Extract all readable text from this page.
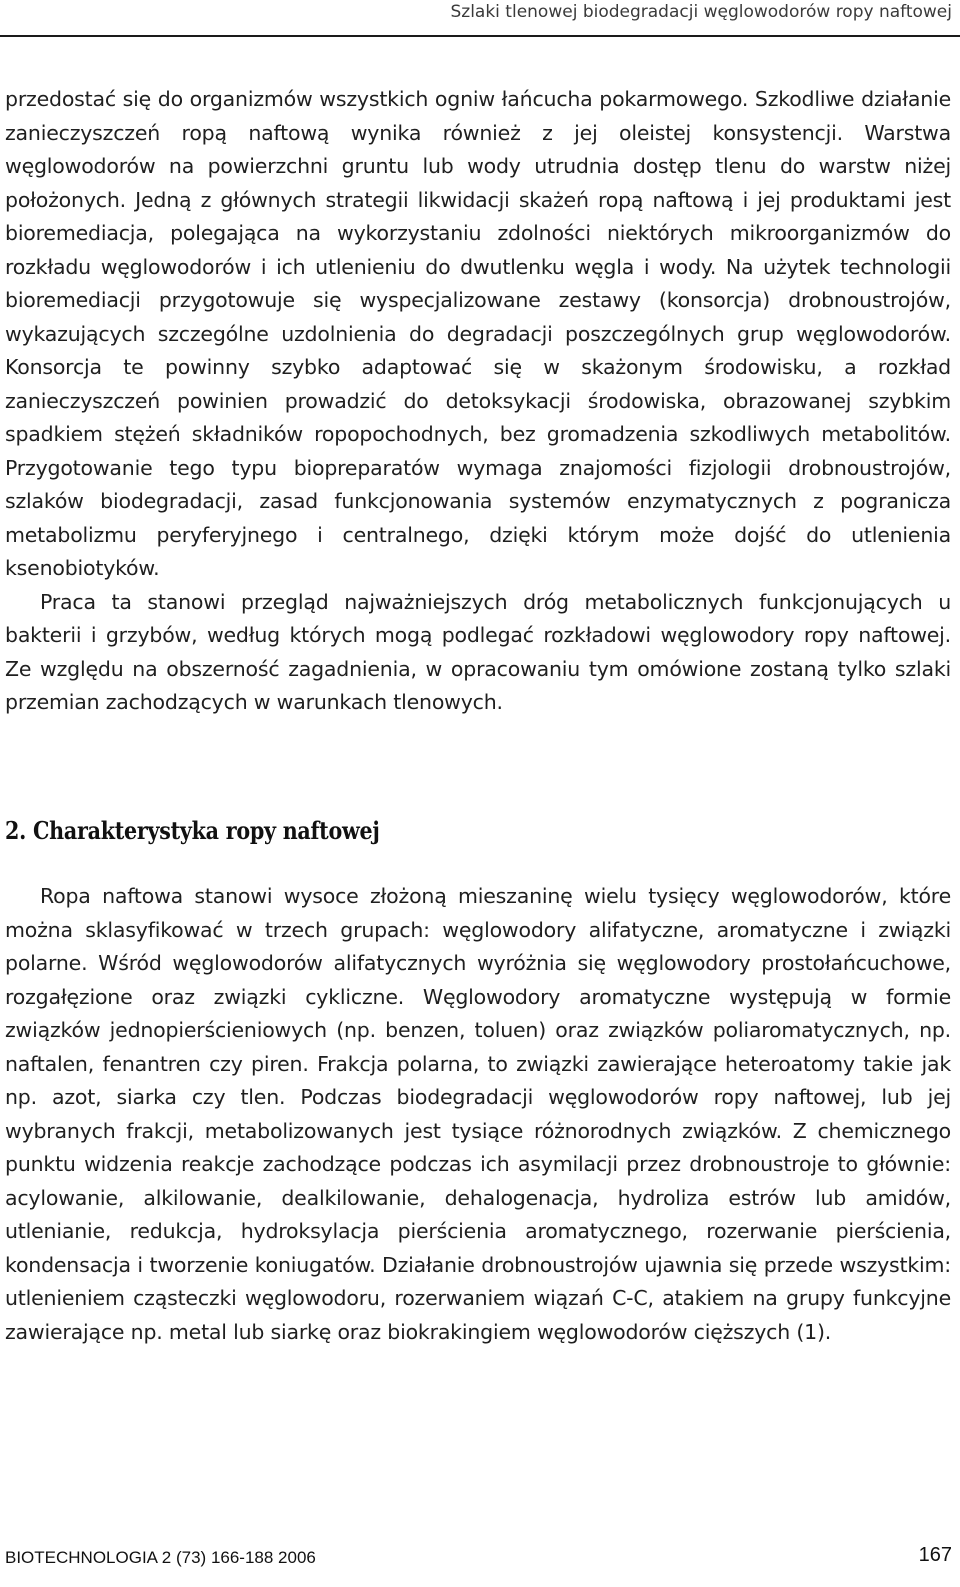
Szlaki tlenowej biodegradacji węglowodorów ropy naftowej

przedostać się do organizmów wszystkich ogniw łańcucha pokarmowego. Szkodliwe działanie zanieczyszczeń ropą naftową wynika również z jej oleistej konsystencji. Warstwa węglowodorów na powierzchni gruntu lub wody utrudnia dostęp tlenu do warstw niżej położonych. Jedną z głównych strategii likwidacji skażeń ropą naftową i jej produktami jest bioremediacja, polegająca na wykorzystaniu zdolności niektórych mikroorganizmów do rozkładu węglowodorów i ich utlenieniu do dwutlenku węgla i wody. Na użytek technologii bioremediacji przygotowuje się wyspecjalizowane zestawy (konsorcja) drobnoustrojów, wykazujących szczególne uzdolnienia do degradacji poszczególnych grup węglowodorów. Konsorcja te powinny szybko adaptować się w skażonym środowisku, a rozkład zanieczyszczeń powinien prowadzić do detoksykacji środowiska, obrazowanej szybkim spadkiem stężeń składników ropopochodnych, bez gromadzenia szkodliwych metabolitów. Przygotowanie tego typu biopreparatów wymaga znajomości fizjologii drobnoustrojów, szlaków biodegradacji, zasad funkcjonowania systemów enzymatycznych z pogranicza metabolizmu peryferyjnego i centralnego, dzięki którym może dojść do utlenienia ksenobiotyków.

Praca ta stanowi przegląd najważniejszych dróg metabolicznych funkcjonujących u bakterii i grzybów, według których mogą podlegać rozkładowi węglowodory ropy naftowej. Ze względu na obszerność zagadnienia, w opracowaniu tym omówione zostaną tylko szlaki przemian zachodzących w warunkach tlenowych.

2. Charakterystyka ropy naftowej

Ropa naftowa stanowi wysoce złożoną mieszaninę wielu tysięcy węglowodorów, które można sklasyfikować w trzech grupach: węglowodory alifatyczne, aromatyczne i związki polarne. Wśród węglowodorów alifatycznych wyróżnia się węglowodory prostołańcuchowe, rozgałęzione oraz związki cykliczne. Węglowodory aromatyczne występują w formie związków jednopierścieniowych (np. benzen, toluen) oraz związków poliaromatycznych, np. naftalen, fenantren czy piren. Frakcja polarna, to związki zawierające heteroatomy takie jak np. azot, siarka czy tlen. Podczas biodegradacji węglowodorów ropy naftowej, lub jej wybranych frakcji, metabolizowanych jest tysiące różnorodnych związków. Z chemicznego punktu widzenia reakcje zachodzące podczas ich asymilacji przez drobnoustroje to głównie: acylowanie, alkilowanie, dealkilowanie, dehalogenacja, hydroliza estrów lub amidów, utlenianie, redukcja, hydroksylacja pierścienia aromatycznego, rozerwanie pierścienia, kondensacja i tworzenie koniugatów. Działanie drobnoustrojów ujawnia się przede wszystkim: utlenieniem cząsteczki węglowodoru, rozerwaniem wiązań C-C, atakiem na grupy funkcyjne zawierające np. metal lub siarkę oraz biokrakingiem węglowodorów cięższych (1).

BIOTECHNOLOGIA 2 (73) 166-188 2006	167
